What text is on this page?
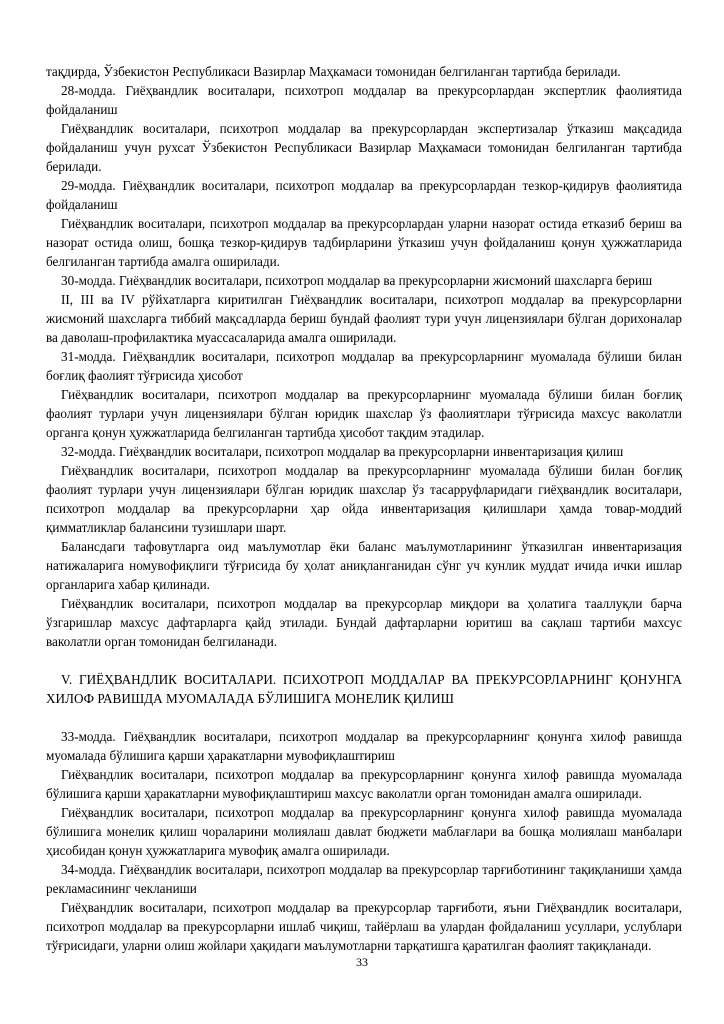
тақдирда, Ўзбекистон Республикаси Вазирлар Маҳкамаси томонидан белгиланган тартибда берилади.

28-модда. Гиёҳвандлик воситалари, психотроп моддалар ва прекурсорлардан экспертлик фаолиятида фойдаланиш

Гиёҳвандлик воситалари, психотроп моддалар ва прекурсорлардан экспертизалар ўтказиш мақсадида фойдаланиш учун рухсат Ўзбекистон Республикаси Вазирлар Маҳкамаси томонидан белгиланган тартибда берилади.

29-модда. Гиёҳвандлик воситалари, психотроп моддалар ва прекурсорлардан тезкор-қидирув фаолиятида фойдаланиш

Гиёҳвандлик воситалари, психотроп моддалар ва прекурсорлардан уларни назорат остида етказиб бериш ва назорат остида олиш, бошқа тезкор-қидирув тадбирларини ўтказиш учун фойдаланиш қонун ҳужжатларида белгиланган тартибда амалга оширилади.

30-модда. Гиёҳвандлик воситалари, психотроп моддалар ва прекурсорларни жисмоний шахсларга бериш

II, III ва IV рўйхатларга киритилган Гиёҳвандлик воситалари, психотроп моддалар ва прекурсорларни жисмоний шахсларга тиббий мақсадларда бериш бундай фаолият тури учун лицензиялари бўлган дорихоналар ва даволаш-профилактика муассасаларида амалга оширилади.

31-модда. Гиёҳвандлик воситалари, психотроп моддалар ва прекурсорларнинг муомалада бўлиши билан боғлиқ фаолият тўғрисида ҳисобот

Гиёҳвандлик воситалари, психотроп моддалар ва прекурсорларнинг муомалада бўлиши билан боғлиқ фаолият турлари учун лицензиялари бўлган юридик шахслар ўз фаолиятлари тўғрисида махсус ваколатли органга қонун ҳужжатларида белгиланган тартибда ҳисобот тақдим этадилар.

32-модда. Гиёҳвандлик воситалари, психотроп моддалар ва прекурсорларни инвентаризация қилиш

Гиёҳвандлик воситалари, психотроп моддалар ва прекурсорларнинг муомалада бўлиши билан боғлиқ фаолият турлари учун лицензиялари бўлган юридик шахслар ўз тасарруфларидаги гиёҳвандлик воситалари, психотроп моддалар ва прекурсорларни ҳар ойда инвентаризация қилишлари ҳамда товар-моддий қимматликлар балансини тузишлари шарт.

Балансдаги тафовутларга оид маълумотлар ёки баланс маълумотларининг ўтказилган инвентаризация натижаларига номувофиқлиги тўғрисида бу ҳолат аниқланганидан сўнг уч кунлик муддат ичида ички ишлар органларига хабар қилинади.

Гиёҳвандлик воситалари, психотроп моддалар ва прекурсорлар миқдори ва ҳолатига тааллуқли барча ўзгаришлар махсус дафтарларга қайд этилади. Бундай дафтарларни юритиш ва сақлаш тартиби махсус ваколатли орган томонидан белгиланади.

V. ГИЁҲВАНДЛИК ВОСИТАЛАРИ. ПСИХОТРОП МОДДАЛАР ВА ПРЕКУРСОРЛАРНИНГ ҚОНУНГА ХИЛОФ РАВИШДА МУОМАЛАДА БЎЛИШИГА МОНЕЛИК ҚИЛИШ

33-модда. Гиёҳвандлик воситалари, психотроп моддалар ва прекурсорларнинг қонунга хилоф равишда муомалада бўлишига қарши ҳаракатларни мувофиқлаштириш

Гиёҳвандлик воситалари, психотроп моддалар ва прекурсорларнинг қонунга хилоф равишда муомалада бўлишига қарши ҳаракатларни мувофиқлаштириш махсус ваколатли орган томонидан амалга оширилади.

Гиёҳвандлик воситалари, психотроп моддалар ва прекурсорларнинг қонунга хилоф равишда муомалада бўлишига монелик қилиш чораларини молиялаш давлат бюджети маблағлари ва бошқа молиялаш манбалари ҳисобидан қонун ҳужжатларига мувофиқ амалга оширилади.

34-модда. Гиёҳвандлик воситалари, психотроп моддалар ва прекурсорлар тарғиботининг тақиқланиши ҳамда рекламасининг чекланиши

Гиёҳвандлик воситалари, психотроп моддалар ва прекурсорлар тарғиботи, яъни Гиёҳвандлик воситалари, психотроп моддалар ва прекурсорларни ишлаб чиқиш, тайёрлаш ва улардан фойдаланиш усуллари, услублари тўғрисидаги, уларни олиш жойлари ҳақидаги маълумотларни тарқатишга қаратилган фаолият тақиқланади.

33
